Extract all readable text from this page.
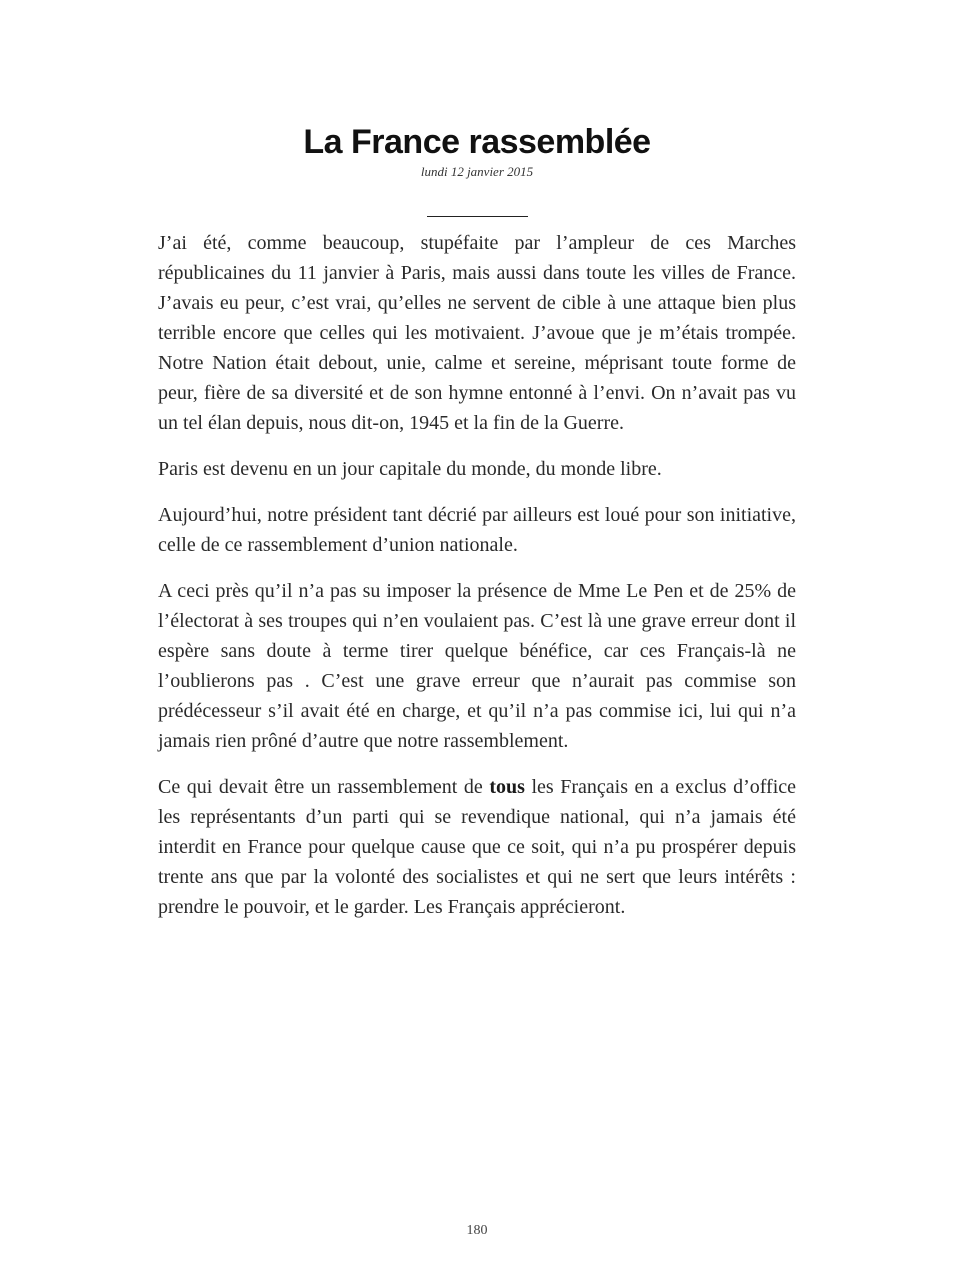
La France rassemblée
lundi 12 janvier 2015

J’ai été, comme beaucoup, stupéfaite par l’ampleur de ces Marches républicaines du 11 janvier à Paris, mais aussi dans toute les villes de France. J’avais eu peur, c’est vrai, qu’elles ne servent de cible à une attaque bien plus terrible encore que celles qui les motivaient. J’avoue que je m’étais trompée. Notre Nation était debout, unie, calme et sereine, méprisant toute forme de peur, fière de sa diversité et de son hymne entonné à l’envi. On n’avait pas vu un tel élan depuis, nous dit-on, 1945 et la fin de la Guerre.

Paris est devenu en un jour capitale du monde, du monde libre.

Aujourd’hui, notre président tant décrié par ailleurs est loué pour son initiative, celle de ce rassemblement d’union nationale.

A ceci près qu’il n’a pas su imposer la présence de Mme Le Pen et de 25% de l’électorat à ses troupes qui n’en voulaient pas. C’est là une grave erreur dont il espère sans doute à terme tirer quelque bénéfice, car ces Français-là ne l’oublierons pas . C’est une grave erreur que n’aurait pas commise son prédécesseur s’il avait été en charge, et qu’il n’a pas commise ici, lui qui n’a jamais rien prôné d’autre que notre rassemblement.

Ce qui devait être un rassemblement de tous les Français en a exclus d’office les représentants d’un parti qui se revendique national, qui n’a jamais été interdit en France pour quelque cause que ce soit, qui n’a pu prospérer depuis trente ans que par la volonté des socialistes et qui ne sert que leurs intérêts : prendre le pouvoir, et le garder. Les Français apprécieront.

180
